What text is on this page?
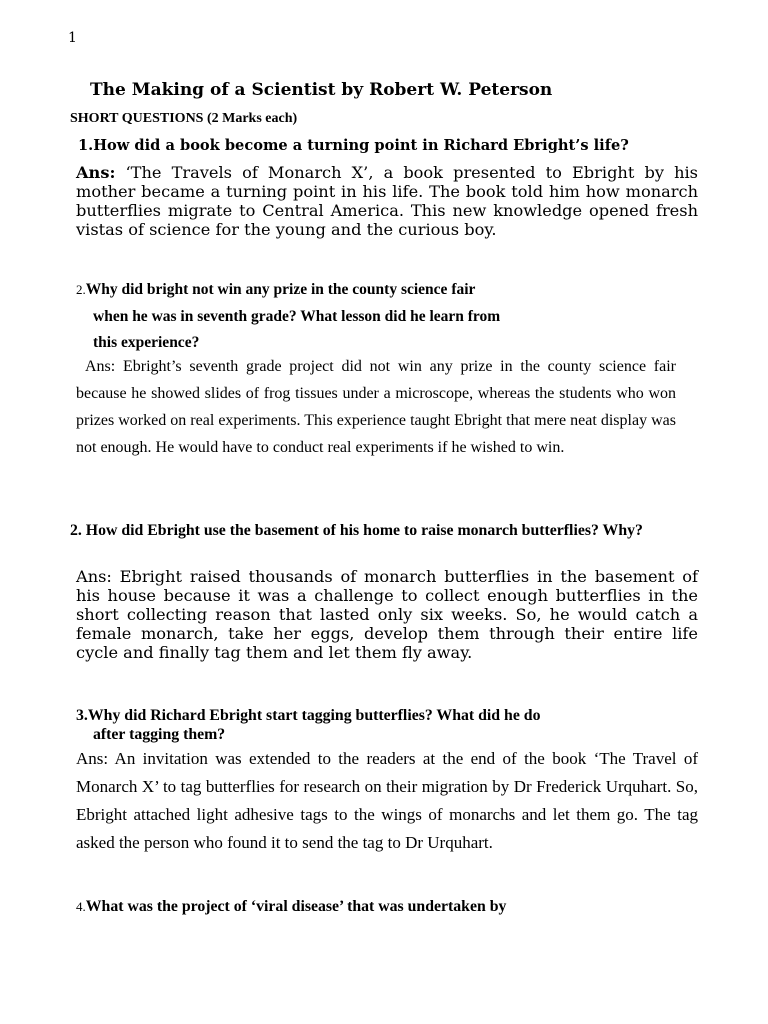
1
The Making of a Scientist by Robert W. Peterson
SHORT QUESTIONS (2 Marks each)
1.How did a book become a turning point in Richard Ebright’s life?
Ans: ‘The Travels of Monarch X’, a book presented to Ebright by his mother became a turning point in his life. The book told him how monarch butterflies migrate to Central America. This new knowledge opened fresh vistas of science for the young and the curious boy.
2.Why did bright not win any prize in the county science fair
when he was in seventh grade? What lesson did he learn from
this experience?
Ans: Ebright’s seventh grade project did not win any prize in the county science fair because he showed slides of frog tissues under a microscope, whereas the students who won prizes worked on real experiments. This experience taught Ebright that mere neat display was not enough. He would have to conduct real experiments if he wished to win.
2. How did Ebright use the basement of his home to raise monarch butterflies? Why?
Ans: Ebright raised thousands of monarch butterflies in the basement of his house because it was a challenge to collect enough butterflies in the short collecting reason that lasted only six weeks. So, he would catch a female monarch, take her eggs, develop them through their entire life cycle and finally tag them and let them fly away.
3.Why did Richard Ebright start tagging butterflies? What did he do
after tagging them?
Ans: An invitation was extended to the readers at the end of the book ‘The Travel of Monarch X’ to tag butterflies for research on their migration by Dr Frederick Urquhart. So, Ebright attached light adhesive tags to the wings of monarchs and let them go. The tag asked the person who found it to send the tag to Dr Urquhart.
4.What was the project of ‘viral disease’ that was undertaken by
